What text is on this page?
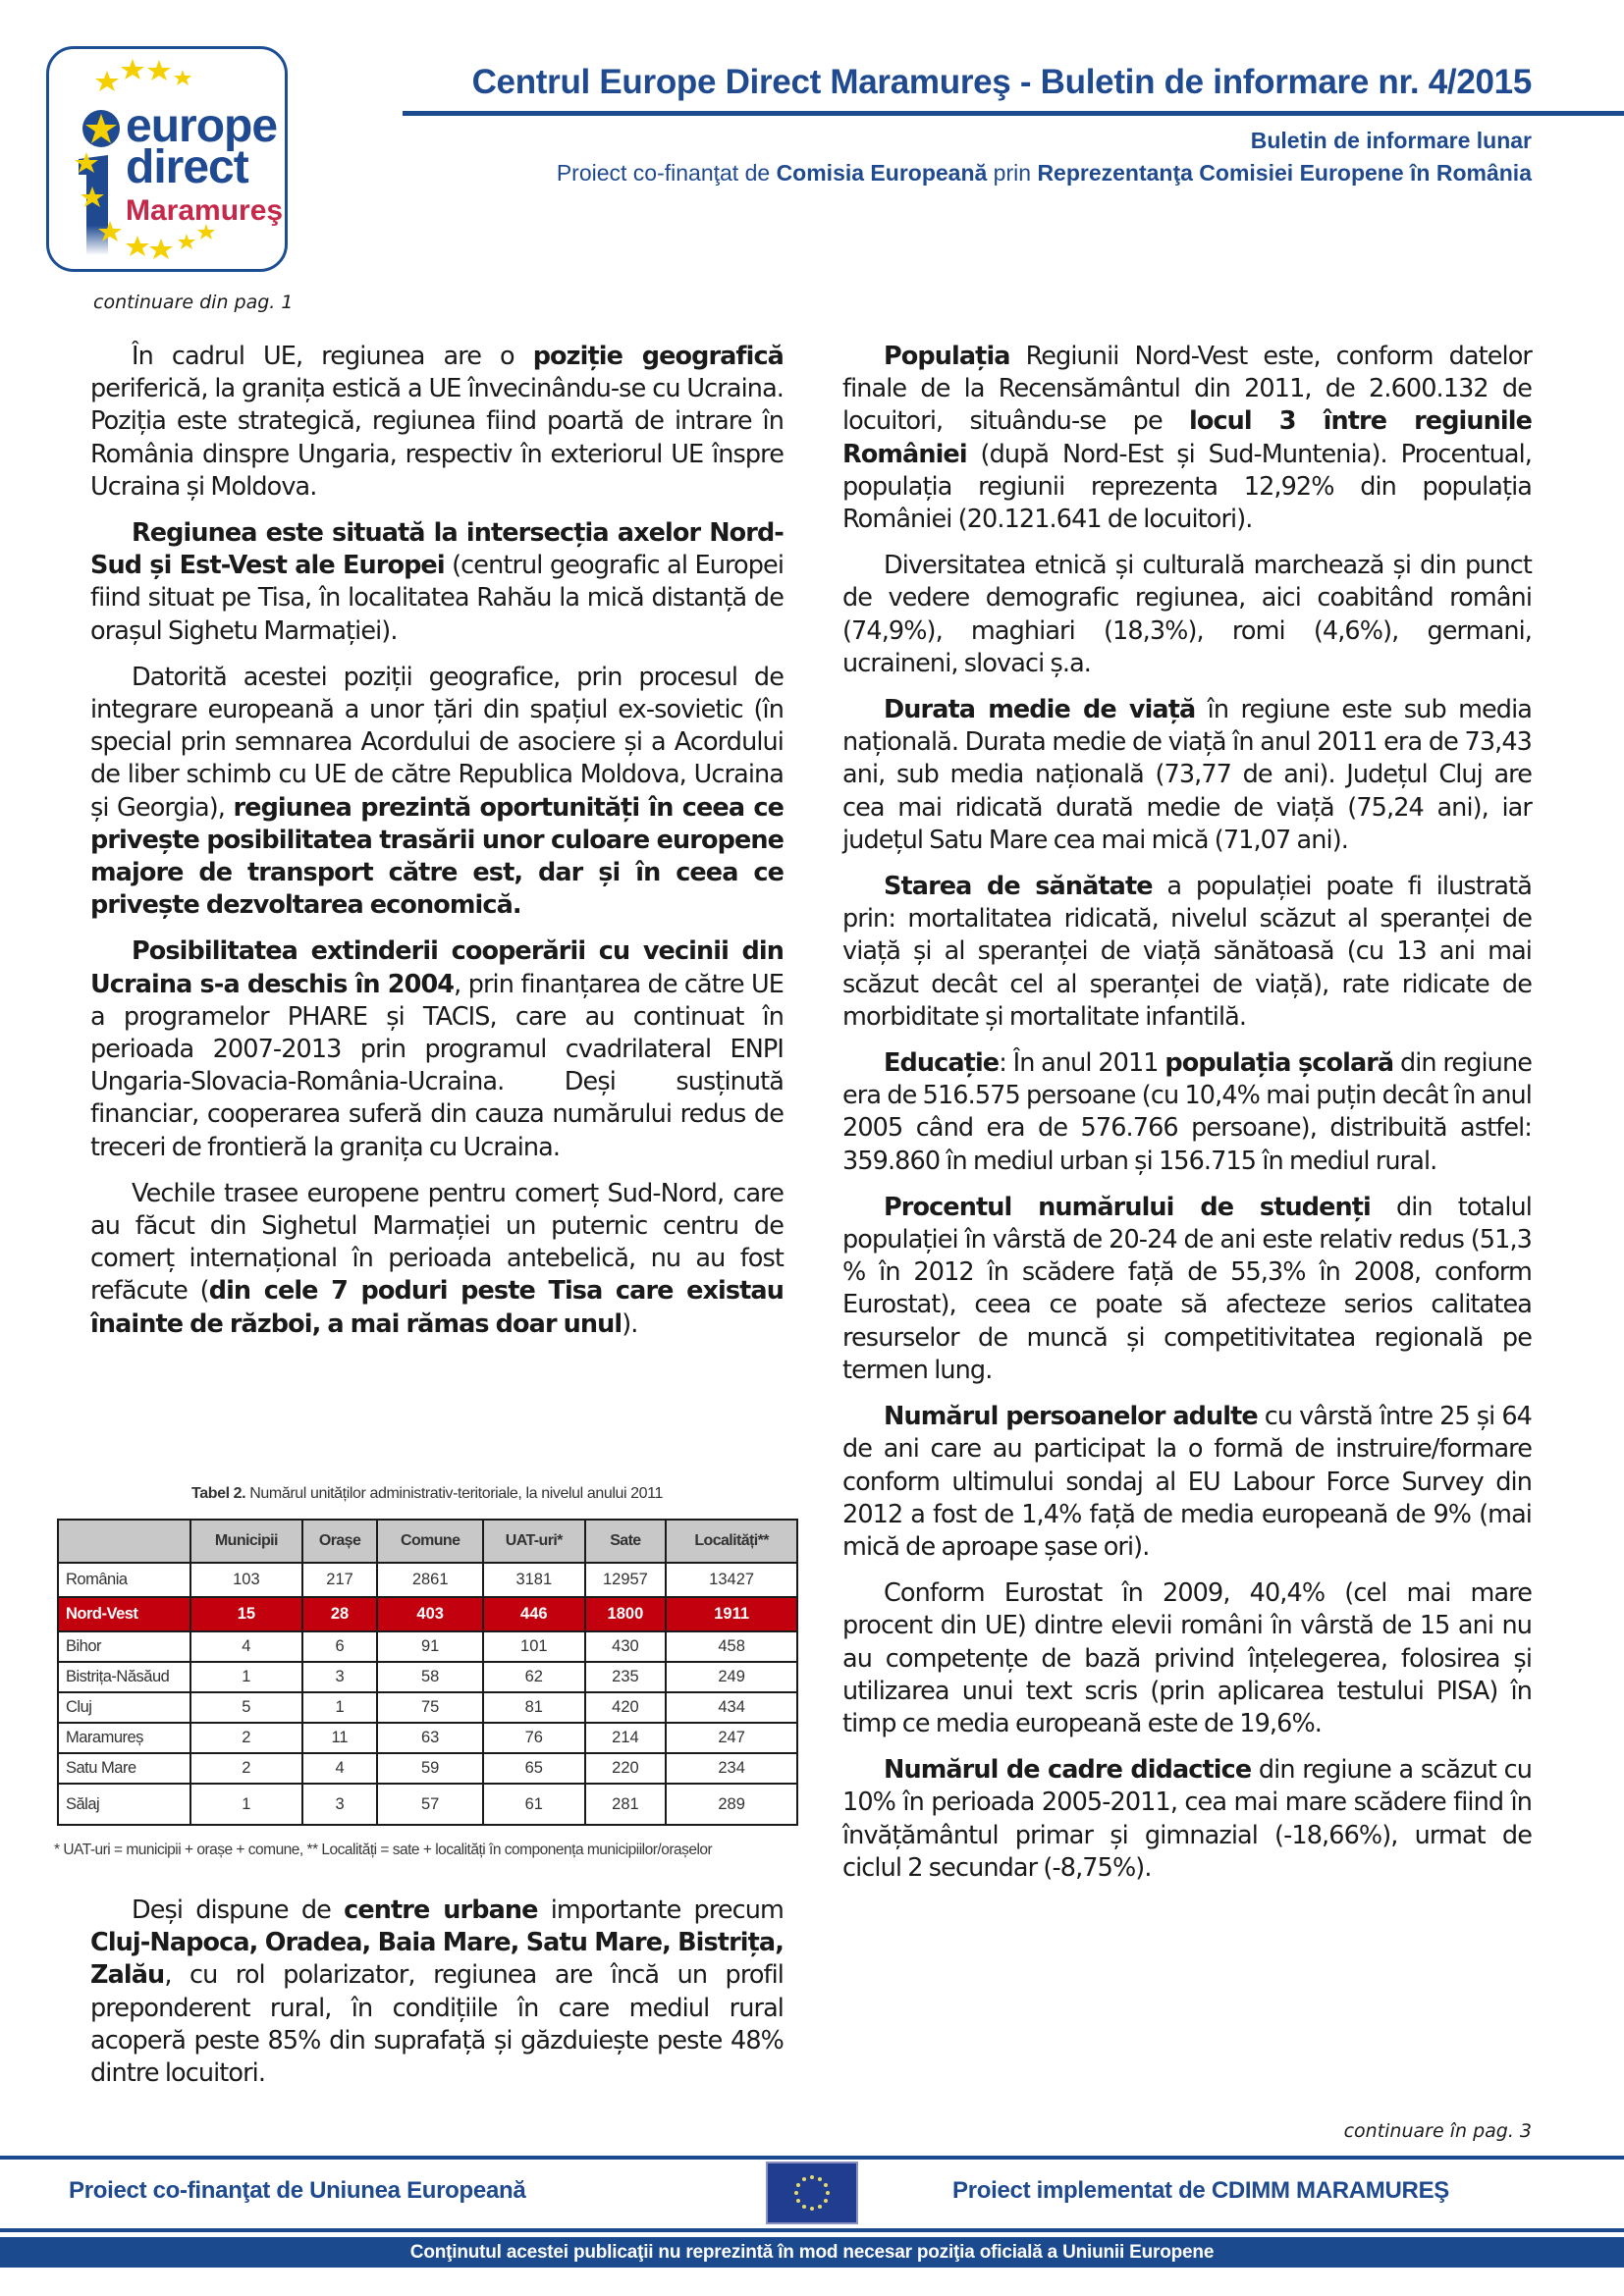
europe
direct
Maramureş
Centrul Europe Direct Maramureş - Buletin de informare nr. 4/2015
Buletin de informare lunar
Proiect co-finanţat de Comisia Europeană prin Reprezentanţa Comisiei Europene în România
continuare din pag. 1

În cadrul UE, regiunea are o poziție geografică periferică, la granița estică a UE învecinându-se cu Ucraina. Poziția este strategică, regiunea fiind poartă de intrare în România dinspre Ungaria, respectiv în exteriorul UE înspre Ucraina și Moldova.

Regiunea este situată la intersecția axelor Nord-Sud și Est-Vest ale Europei (centrul geografic al Europei fiind situat pe Tisa, în localitatea Rahău la mică distanță de orașul Sighetu Marmației).

Datorită acestei poziții geografice, prin procesul de integrare europeană a unor țări din spațiul ex-sovietic (în special prin semnarea Acordului de asociere și a Acordului de liber schimb cu UE de către Republica Moldova, Ucraina și Georgia), regiunea prezintă oportunități în ceea ce privește posibilitatea trasării unor culoare europene majore de transport către est, dar și în ceea ce privește dezvoltarea economică.

Posibilitatea extinderii cooperării cu vecinii din Ucraina s-a deschis în 2004, prin finanțarea de către UE a programelor PHARE și TACIS, care au continuat în perioada 2007-2013 prin programul cvadrilateral ENPI Ungaria-Slovacia-România-Ucraina. Deși susținută financiar, cooperarea suferă din cauza numărului redus de treceri de frontieră la granița cu Ucraina.

Vechile trasee europene pentru comerț Sud-Nord, care au făcut din Sighetul Marmației un puternic centru de comerț internațional în perioada antebelică, nu au fost refăcute (din cele 7 poduri peste Tisa care existau înainte de război, a mai rămas doar unul).

Tabel 2. Numărul unităților administrativ-teritoriale, la nivelul anului 2011
	Municipii	Orașe	Comune	UAT-uri*	Sate	Localități**
România	103	217	2861	3181	12957	13427
Nord-Vest	15	28	403	446	1800	1911
Bihor	4	6	91	101	430	458
Bistrița-Năsăud	1	3	58	62	235	249
Cluj	5	1	75	81	420	434
Maramureș	2	11	63	76	214	247
Satu Mare	2	4	59	65	220	234
Sălaj	1	3	57	61	281	289
* UAT-uri = municipii + orașe + comune, ** Localități = sate + localități în componența municipiilor/orașelor

Deși dispune de centre urbane importante precum Cluj-Napoca, Oradea, Baia Mare, Satu Mare, Bistrița, Zalău, cu rol polarizator, regiunea are încă un profil preponderent rural, în condițiile în care mediul rural acoperă peste 85% din suprafață și găzduiește peste 48% dintre locuitori.

Populația Regiunii Nord-Vest este, conform datelor finale de la Recensământul din 2011, de 2.600.132 de locuitori, situându-se pe locul 3 între regiunile României (după Nord-Est și Sud-Muntenia). Procentual, populația regiunii reprezenta 12,92% din populația României (20.121.641 de locuitori).

Diversitatea etnică și culturală marchează și din punct de vedere demografic regiunea, aici coabitând români (74,9%), maghiari (18,3%), romi (4,6%), germani, ucraineni, slovaci ș.a.

Durata medie de viață în regiune este sub media națională. Durata medie de viață în anul 2011 era de 73,43 ani, sub media națională (73,77 de ani). Județul Cluj are cea mai ridicată durată medie de viață (75,24 ani), iar județul Satu Mare cea mai mică (71,07 ani).

Starea de sănătate a populației poate fi ilustrată prin: mortalitatea ridicată, nivelul scăzut al speranței de viață și al speranței de viață sănătoasă (cu 13 ani mai scăzut decât cel al speranței de viață), rate ridicate de morbiditate și mortalitate infantilă.

Educație: În anul 2011 populația școlară din regiune era de 516.575 persoane (cu 10,4% mai puțin decât în anul 2005 când era de 576.766 persoane), distribuită astfel: 359.860 în mediul urban și 156.715 în mediul rural.

Procentul numărului de studenți din totalul populației în vârstă de 20-24 de ani este relativ redus (51,3 % în 2012 în scădere față de 55,3% în 2008, conform Eurostat), ceea ce poate să afecteze serios calitatea resurselor de muncă și competitivitatea regională pe termen lung.

Numărul persoanelor adulte cu vârstă între 25 și 64 de ani care au participat la o formă de instruire/formare conform ultimului sondaj al EU Labour Force Survey din 2012 a fost de 1,4% față de media europeană de 9% (mai mică de aproape șase ori).

Conform Eurostat în 2009, 40,4% (cel mai mare procent din UE) dintre elevii români în vârstă de 15 ani nu au competențe de bază privind înțelegerea, folosirea și utilizarea unui text scris (prin aplicarea testului PISA) în timp ce media europeană este de 19,6%.

Numărul de cadre didactice din regiune a scăzut cu 10% în perioada 2005-2011, cea mai mare scădere fiind în învățământul primar și gimnazial (-18,66%), urmat de ciclul 2 secundar (-8,75%).

continuare în pag. 3
Proiect co-finanţat de Uniunea Europeană	Proiect implementat de CDIMM MARAMUREŞ
Conţinutul acestei publicaţii nu reprezintă în mod necesar poziţia oficială a Uniunii Europene
